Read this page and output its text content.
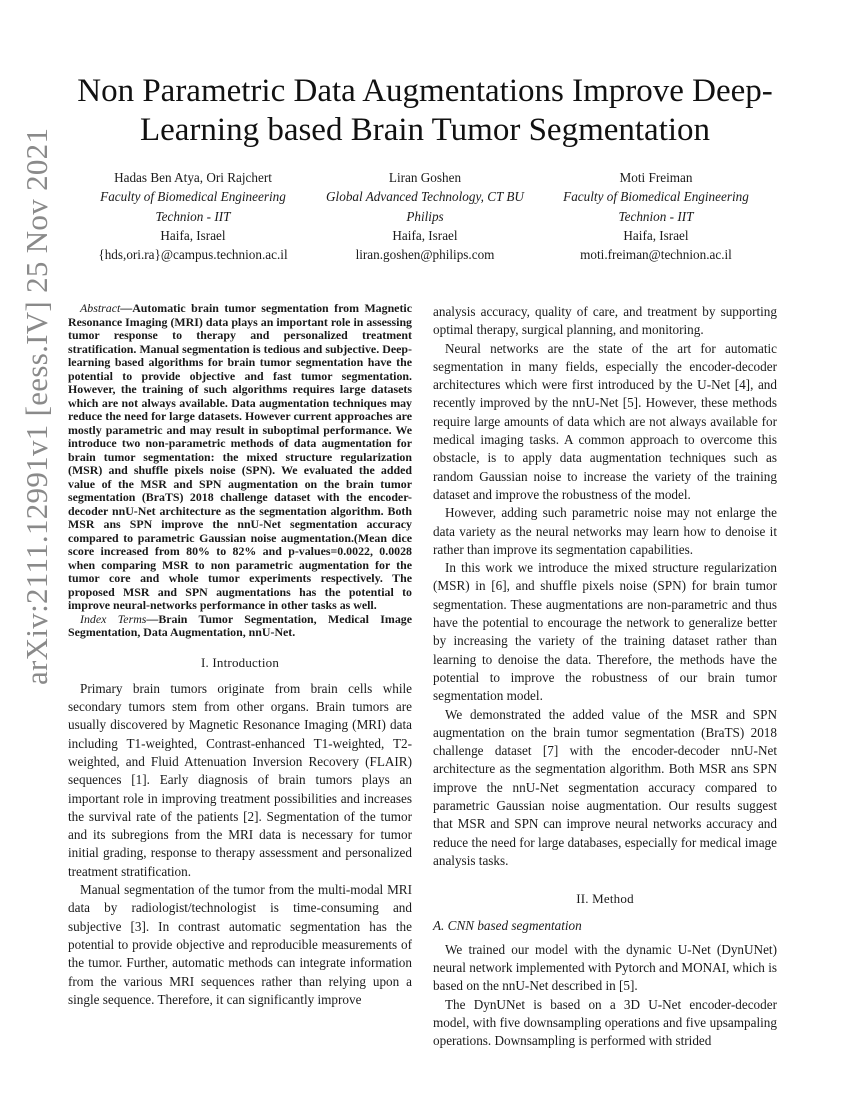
arXiv:2111.12991v1 [eess.IV] 25 Nov 2021
Non Parametric Data Augmentations Improve Deep-Learning based Brain Tumor Segmentation
Hadas Ben Atya, Ori Rajchert
Faculty of Biomedical Engineering
Technion - IIT
Haifa, Israel
{hds,ori.ra}@campus.technion.ac.il
Liran Goshen
Global Advanced Technology, CT BU
Philips
Haifa, Israel
liran.goshen@philips.com
Moti Freiman
Faculty of Biomedical Engineering
Technion - IIT
Haifa, Israel
moti.freiman@technion.ac.il

Abstract—Automatic brain tumor segmentation from Magnetic Resonance Imaging (MRI) data plays an important role in assessing tumor response to therapy and personalized treatment stratification. Manual segmentation is tedious and subjective. Deep-learning based algorithms for brain tumor segmentation have the potential to provide objective and fast tumor segmentation. However, the training of such algorithms requires large datasets which are not always available. Data augmentation techniques may reduce the need for large datasets. However current approaches are mostly parametric and may result in suboptimal performance. We introduce two non-parametric methods of data augmentation for brain tumor segmentation: the mixed structure regularization (MSR) and shuffle pixels noise (SPN). We evaluated the added value of the MSR and SPN augmentation on the brain tumor segmentation (BraTS) 2018 challenge dataset with the encoder-decoder nnU-Net architecture as the segmentation algorithm. Both MSR ans SPN improve the nnU-Net segmentation accuracy compared to parametric Gaussian noise augmentation.(Mean dice score increased from 80% to 82% and p-values=0.0022, 0.0028 when comparing MSR to non parametric augmentation for the tumor core and whole tumor experiments respectively. The proposed MSR and SPN augmentations has the potential to improve neural-networks performance in other tasks as well.

Index Terms—Brain Tumor Segmentation, Medical Image Segmentation, Data Augmentation, nnU-Net.

I. Introduction

Primary brain tumors originate from brain cells while secondary tumors stem from other organs. Brain tumors are usually discovered by Magnetic Resonance Imaging (MRI) data including T1-weighted, Contrast-enhanced T1-weighted, T2-weighted, and Fluid Attenuation Inversion Recovery (FLAIR) sequences [1]. Early diagnosis of brain tumors plays an important role in improving treatment possibilities and increases the survival rate of the patients [2]. Segmentation of the tumor and its subregions from the MRI data is necessary for tumor initial grading, response to therapy assessment and personalized treatment stratification.

Manual segmentation of the tumor from the multi-modal MRI data by radiologist/technologist is time-consuming and subjective [3]. In contrast automatic segmentation has the potential to provide objective and reproducible measurements of the tumor. Further, automatic methods can integrate information from the various MRI sequences rather than relying upon a single sequence. Therefore, it can significantly improve

analysis accuracy, quality of care, and treatment by supporting optimal therapy, surgical planning, and monitoring.

Neural networks are the state of the art for automatic segmentation in many fields, especially the encoder-decoder architectures which were first introduced by the U-Net [4], and recently improved by the nnU-Net [5]. However, these methods require large amounts of data which are not always available for medical imaging tasks. A common approach to overcome this obstacle, is to apply data augmentation techniques such as random Gaussian noise to increase the variety of the training dataset and improve the robustness of the model.

However, adding such parametric noise may not enlarge the data variety as the neural networks may learn how to denoise it rather than improve its segmentation capabilities.

In this work we introduce the mixed structure regularization (MSR) in [6], and shuffle pixels noise (SPN) for brain tumor segmentation. These augmentations are non-parametric and thus have the potential to encourage the network to generalize better by increasing the variety of the training dataset rather than learning to denoise the data. Therefore, the methods have the potential to improve the robustness of our brain tumor segmentation model.

We demonstrated the added value of the MSR and SPN augmentation on the brain tumor segmentation (BraTS) 2018 challenge dataset [7] with the encoder-decoder nnU-Net architecture as the segmentation algorithm. Both MSR ans SPN improve the nnU-Net segmentation accuracy compared to parametric Gaussian noise augmentation. Our results suggest that MSR and SPN can improve neural networks accuracy and reduce the need for large databases, especially for medical image analysis tasks.

II. Method
A. CNN based segmentation

We trained our model with the dynamic U-Net (DynUNet) neural network implemented with Pytorch and MONAI, which is based on the nnU-Net described in [5].

The DynUNet is based on a 3D U-Net encoder-decoder model, with five downsampling operations and five upsampaling operations. Downsampling is performed with strided
